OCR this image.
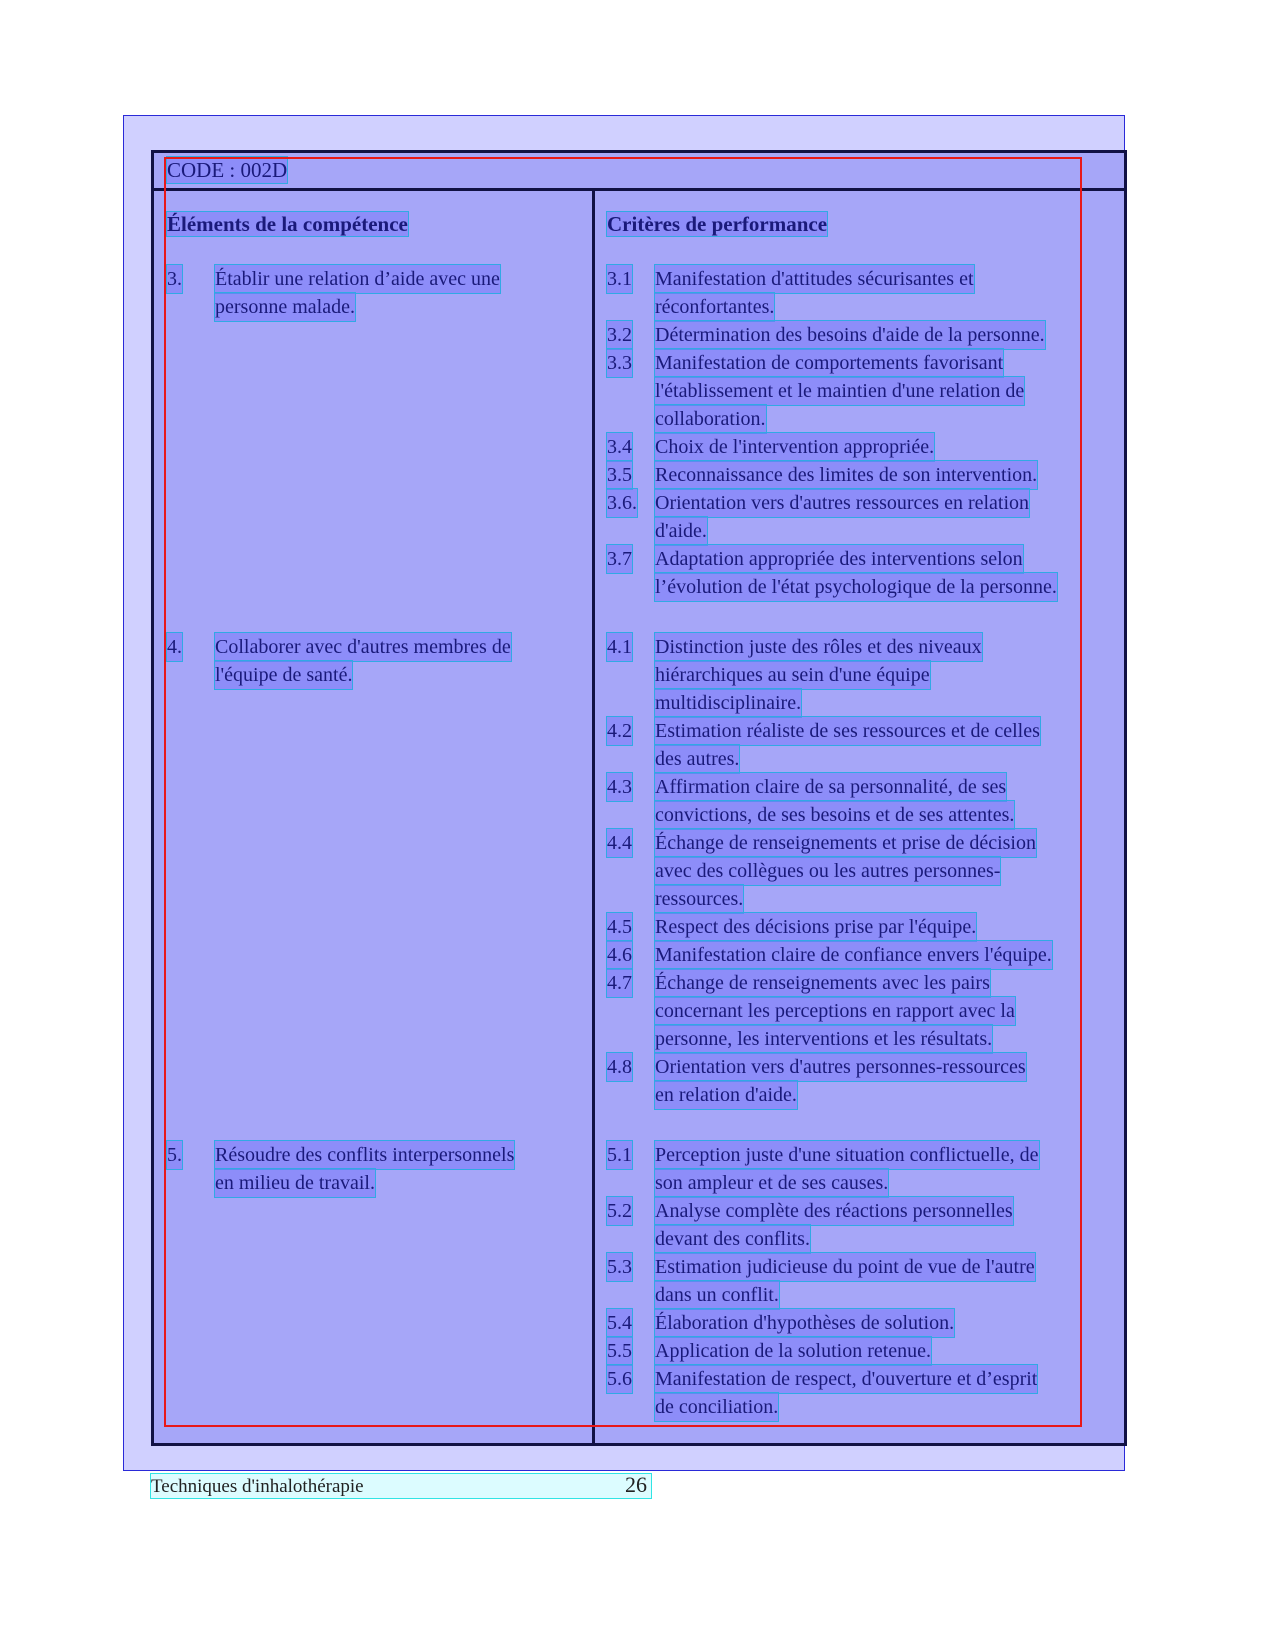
CODE : 002D
Éléments de la compétence
3. Établir une relation d’aide avec une
personne malade.
4. Collaborer avec d'autres membres de
l'équipe de santé.
5. Résoudre des conflits interpersonnels
en milieu de travail.
Critères de performance
3.1 Manifestation d'attitudes sécurisantes et
réconfortantes.
3.2 Détermination des besoins d'aide de la personne.
3.3 Manifestation de comportements favorisant
l'établissement et le maintien d'une relation de
collaboration.
3.4 Choix de l'intervention appropriée.
3.5 Reconnaissance des limites de son intervention.
3.6. Orientation vers d'autres ressources en relation
d'aide.
3.7 Adaptation appropriée des interventions selon
l’évolution de l'état psychologique de la personne.
4.1 Distinction juste des rôles et des niveaux
hiérarchiques au sein d'une équipe
multidisciplinaire.
4.2 Estimation réaliste de ses ressources et de celles
des autres.
4.3 Affirmation claire de sa personnalité, de ses
convictions, de ses besoins et de ses attentes.
4.4 Échange de renseignements et prise de décision
avec des collègues ou les autres personnes-
ressources.
4.5 Respect des décisions prise par l'équipe.
4.6 Manifestation claire de confiance envers l'équipe.
4.7 Échange de renseignements avec les pairs
concernant les perceptions en rapport avec la
personne, les interventions et les résultats.
4.8 Orientation vers d'autres personnes-ressources
en relation d'aide.
5.1 Perception juste d'une situation conflictuelle, de
son ampleur et de ses causes.
5.2 Analyse complète des réactions personnelles
devant des conflits.
5.3 Estimation judicieuse du point de vue de l'autre
dans un conflit.
5.4 Élaboration d'hypothèses de solution.
5.5 Application de la solution retenue.
5.6 Manifestation de respect, d'ouverture et d’esprit
de conciliation.
Techniques d'inhalothérapie	26
